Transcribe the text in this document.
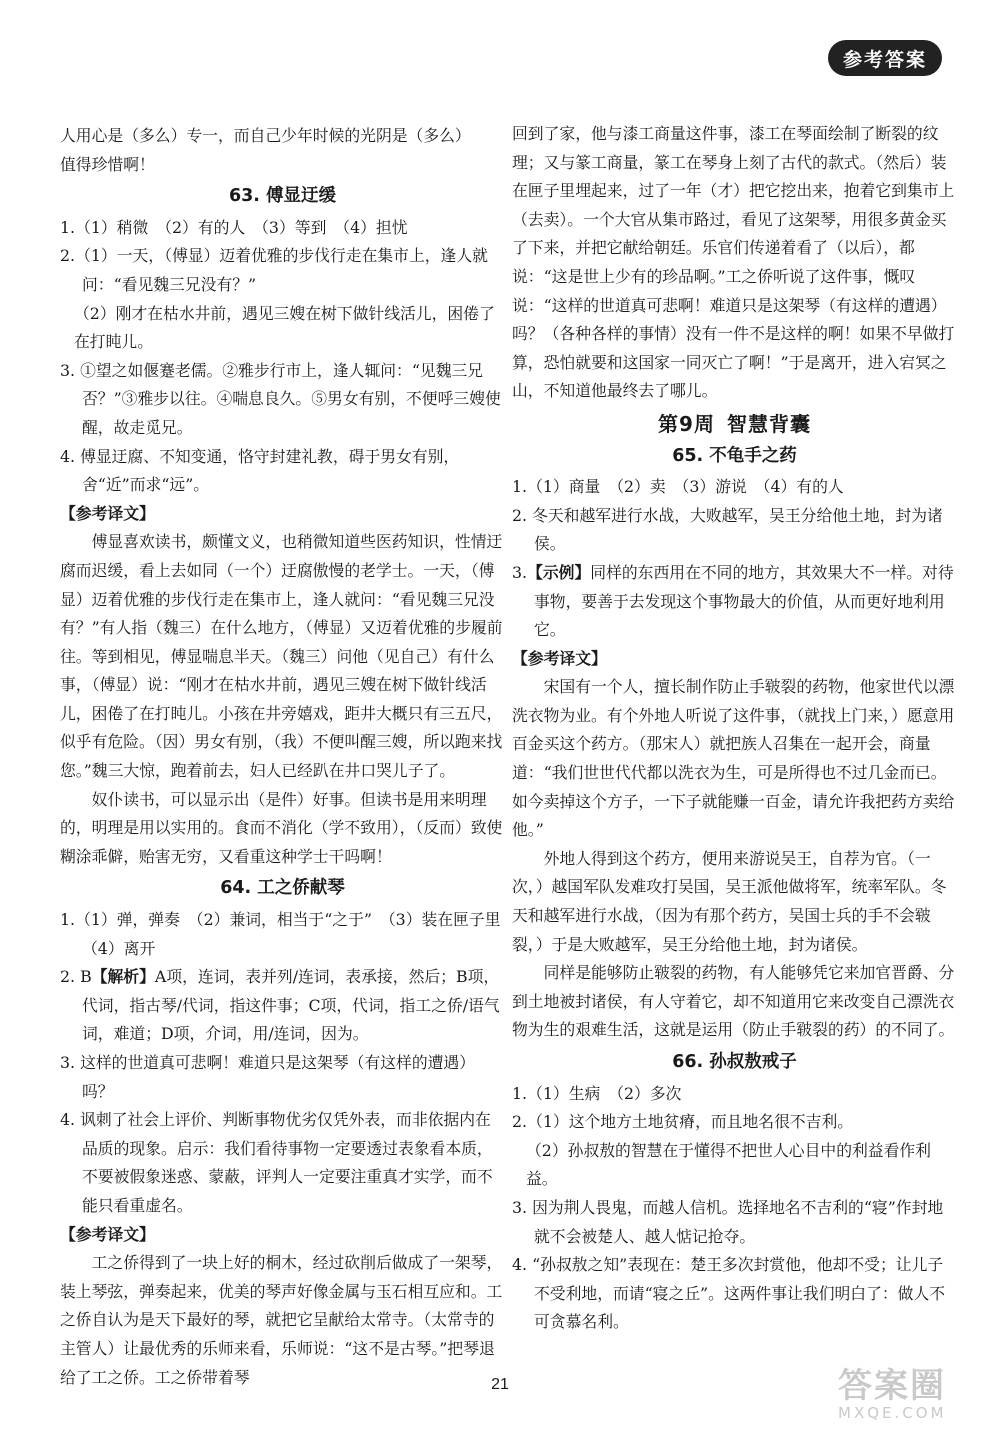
参考答案

人用心是（多么）专一，而自己少年时候的光阴是（多么）

值得珍惜啊！

63. 傅显迂缓

1.（1）稍微　（2）有的人　（3）等到　（4）担忧

2.（1）一天，（傅显）迈着优雅的步伐行走在集市上，逢人就问：“看见魏三兄没有？”

（2）刚才在枯水井前，遇见三嫂在树下做针线活儿，困倦了在打盹儿。

3. ①望之如偃蹇老儒。②雅步行市上，逢人辄问：“见魏三兄否？”③雅步以往。④喘息良久。⑤男女有别，不便呼三嫂使醒，故走觅兄。

4. 傅显迂腐、不知变通，恪守封建礼教，碍于男女有别，舍“近”而求“远”。

【参考译文】

傅显喜欢读书，颇懂文义，也稍微知道些医药知识，性情迂腐而迟缓，看上去如同（一个）迂腐傲慢的老学士。一天，（傅显）迈着优雅的步伐行走在集市上，逢人就问：“看见魏三兄没有？”有人指（魏三）在什么地方，（傅显）又迈着优雅的步履前往。等到相见，傅显喘息半天。（魏三）问他（见自己）有什么事，（傅显）说：“刚才在枯水井前，遇见三嫂在树下做针线活儿，困倦了在打盹儿。小孩在井旁嬉戏，距井大概只有三五尺，似乎有危险。（因）男女有别，（我）不便叫醒三嫂，所以跑来找您。”魏三大惊，跑着前去，妇人已经趴在井口哭儿子了。

奴仆读书，可以显示出（是件）好事。但读书是用来明理的，明理是用以实用的。食而不消化（学不致用），（反而）致使糊涂乖僻，贻害无穷，又看重这种学士干吗啊！

64. 工之侨献琴

1.（1）弹，弹奏　（2）兼词，相当于“之于”　（3）装在匣子里　（4）离开

2. B【解析】A项，连词，表并列/连词，表承接，然后；B项，代词，指古琴/代词，指这件事；C项，代词，指工之侨/语气词，难道；D项，介词，用/连词，因为。

3. 这样的世道真可悲啊！难道只是这架琴（有这样的遭遇）吗？

4. 讽刺了社会上评价、判断事物优劣仅凭外表，而非依据内在品质的现象。启示：我们看待事物一定要透过表象看本质，不要被假象迷惑、蒙蔽，评判人一定要注重真才实学，而不能只看重虚名。

【参考译文】

工之侨得到了一块上好的桐木，经过砍削后做成了一架琴，装上琴弦，弹奏起来，优美的琴声好像金属与玉石相互应和。工之侨自认为是天下最好的琴，就把它呈献给太常寺。（太常寺的主管人）让最优秀的乐师来看，乐师说：“这不是古琴。”把琴退给了工之侨。工之侨带着琴

回到了家，他与漆工商量这件事，漆工在琴面绘制了断裂的纹理；又与篆工商量，篆工在琴身上刻了古代的款式。（然后）装在匣子里埋起来，过了一年（才）把它挖出来，抱着它到集市上（去卖）。一个大官从集市路过，看见了这架琴，用很多黄金买了下来，并把它献给朝廷。乐官们传递着看了（以后），都说：“这是世上少有的珍品啊。”工之侨听说了这件事，慨叹说：“这样的世道真可悲啊！难道只是这架琴（有这样的遭遇）吗？（各种各样的事情）没有一件不是这样的啊！如果不早做打算，恐怕就要和这国家一同灭亡了啊！”于是离开，进入宕冥之山，不知道他最终去了哪儿。

第9周 智慧背囊

65. 不龟手之药

1.（1）商量　（2）卖　（3）游说　（4）有的人

2. 冬天和越军进行水战，大败越军，吴王分给他土地，封为诸侯。

3.【示例】同样的东西用在不同的地方，其效果大不一样。对待事物，要善于去发现这个事物最大的价值，从而更好地利用它。

【参考译文】

宋国有一个人，擅长制作防止手皲裂的药物，他家世代以漂洗衣物为业。有个外地人听说了这件事，（就找上门来，）愿意用百金买这个药方。（那宋人）就把族人召集在一起开会，商量道：“我们世世代代都以洗衣为生，可是所得也不过几金而已。如今卖掉这个方子，一下子就能赚一百金，请允许我把药方卖给他。”

外地人得到这个药方，便用来游说吴王，自荐为官。（一次，）越国军队发难攻打吴国，吴王派他做将军，统率军队。冬天和越军进行水战，（因为有那个药方，吴国士兵的手不会皲裂，）于是大败越军，吴王分给他土地，封为诸侯。

同样是能够防止皲裂的药物，有人能够凭它来加官晋爵、分到土地被封诸侯，有人守着它，却不知道用它来改变自己漂洗衣物为生的艰难生活，这就是运用（防止手皲裂的药）的不同了。

66. 孙叔敖戒子

1.（1）生病　（2）多次

2.（1）这个地方土地贫瘠，而且地名很不吉利。

（2）孙叔敖的智慧在于懂得不把世人心目中的利益看作利益。

3. 因为荆人畏鬼，而越人信机。选择地名不吉利的“寝”作封地就不会被楚人、越人惦记抢夺。

4. “孙叔敖之知”表现在：楚王多次封赏他，他却不受；让儿子不受利地，而请“寝之丘”。这两件事让我们明白了：做人不可贪慕名利。

21	答案圈
MXQE.COM
